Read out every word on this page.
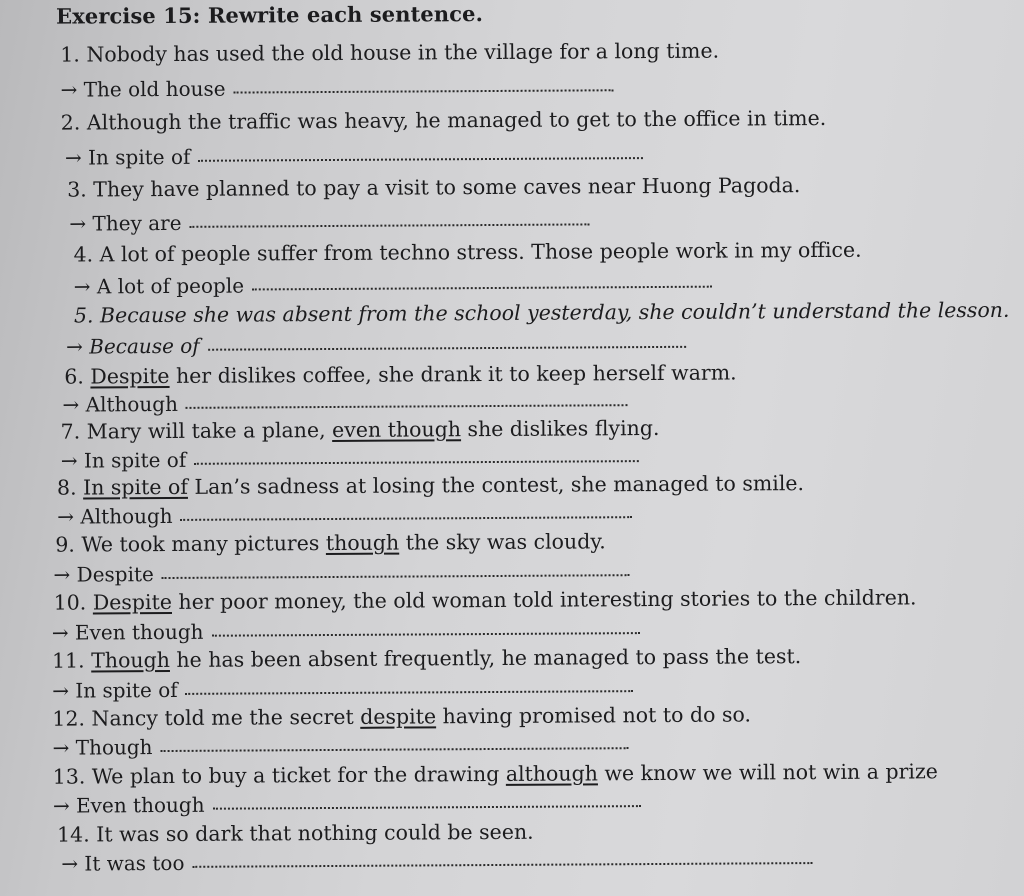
Exercise 15: Rewrite each sentence.
1. Nobody has used the old house in the village for a long time.
→ The old house
2. Although the traffic was heavy, he managed to get to the office in time.
→ In spite of
3. They have planned to pay a visit to some caves near Huong Pagoda.
→ They are
4. A lot of people suffer from techno stress. Those people work in my office.
→ A lot of people
5. Because she was absent from the school yesterday, she couldn’t understand the lesson.
→ Because of
6. Despite her dislikes coffee, she drank it to keep herself warm.
→ Although
7. Mary will take a plane, even though she dislikes flying.
→ In spite of
8. In spite of Lan’s sadness at losing the contest, she managed to smile.
→ Although
9. We took many pictures though the sky was cloudy.
→ Despite
10. Despite her poor money, the old woman told interesting stories to the children.
→ Even though
11. Though he has been absent frequently, he managed to pass the test.
→ In spite of
12. Nancy told me the secret despite having promised not to do so.
→ Though
13. We plan to buy a ticket for the drawing although we know we will not win a prize
→ Even though
14. It was so dark that nothing could be seen.
→ It was too
